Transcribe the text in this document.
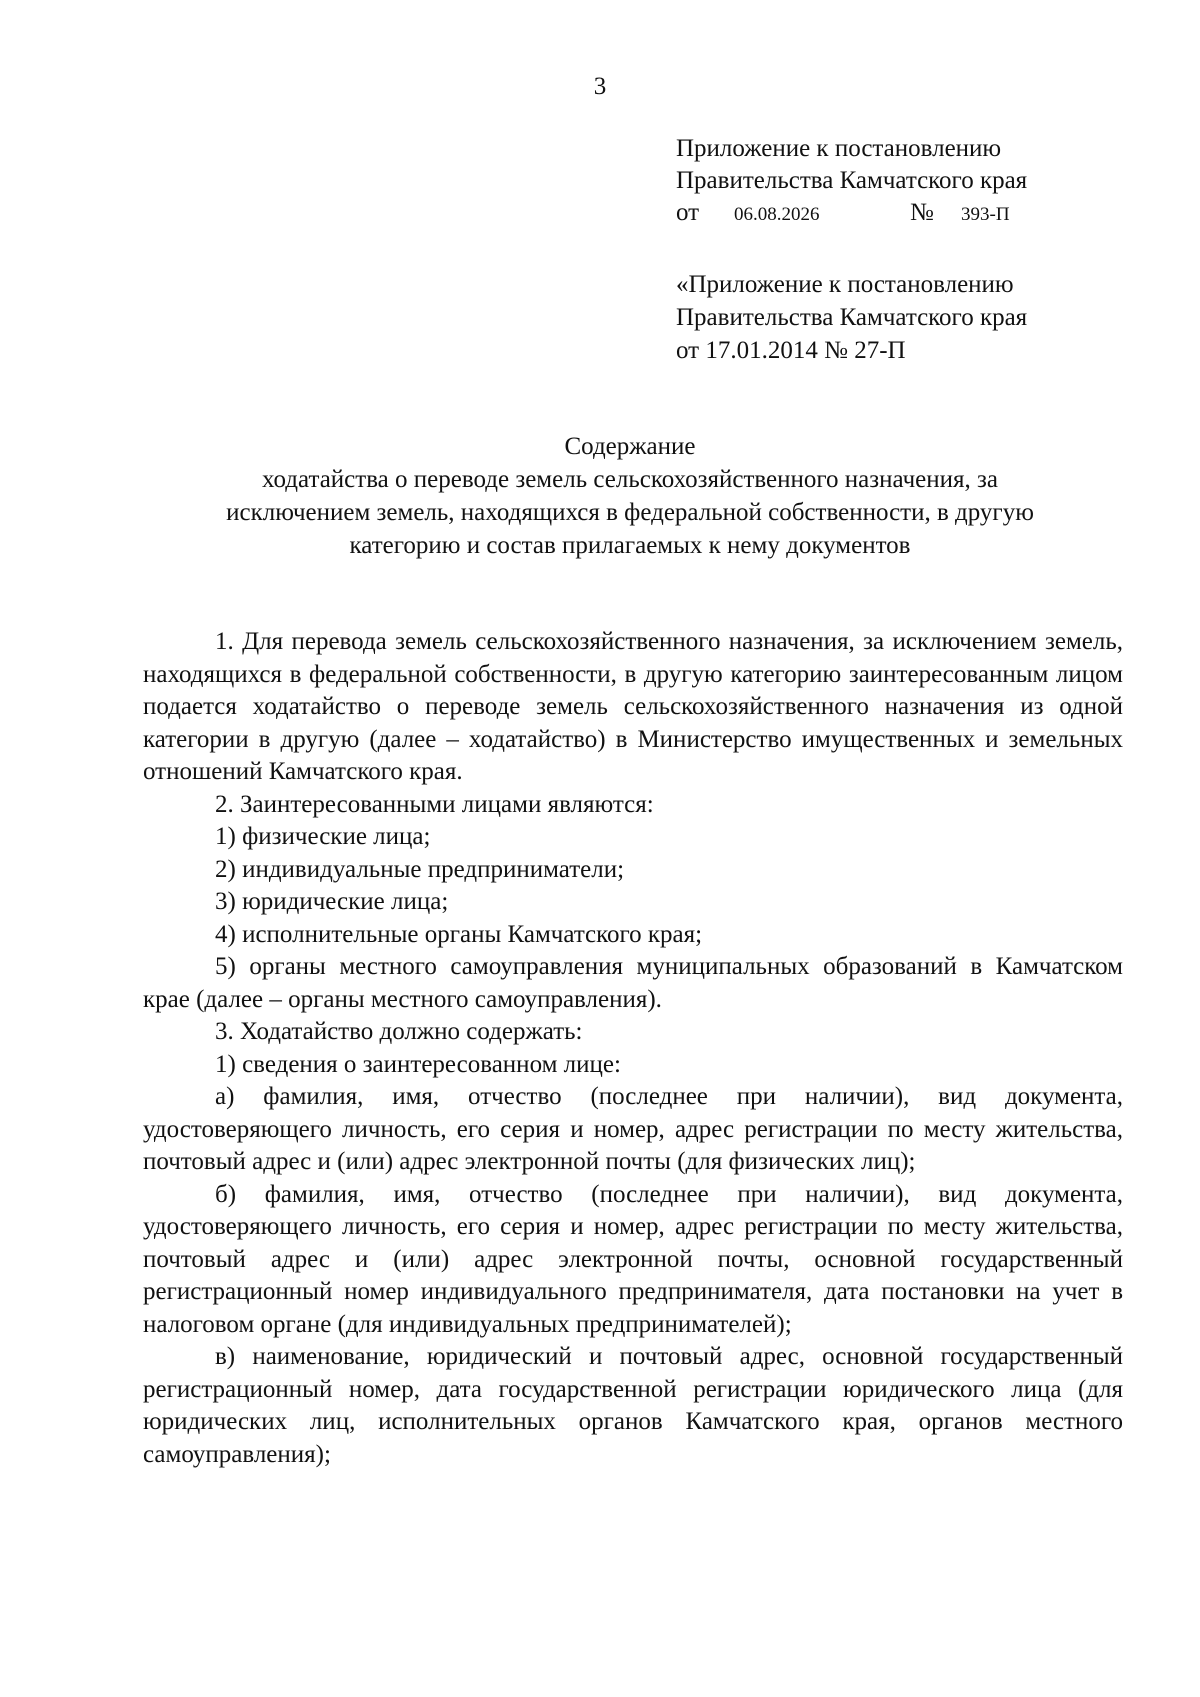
3
Приложение к постановлению
Правительства Камчатского края
от	06.08.2026	№	393-П
«Приложение к постановлению
Правительства Камчатского края
от 17.01.2014 № 27-П
Содержание
ходатайства о переводе земель сельскохозяйственного назначения, за
исключением земель, находящихся в федеральной собственности, в другую
категорию и состав прилагаемых к нему документов

1. Для перевода земель сельскохозяйственного назначения, за исключением земель, находящихся в федеральной собственности, в другую категорию заинтересованным лицом подается ходатайство о переводе земель сельскохозяйственного назначения из одной категории в другую (далее – ходатайство) в Министерство имущественных и земельных отношений Камчатского края.

2. Заинтересованными лицами являются:

1) физические лица;

2) индивидуальные предприниматели;

3) юридические лица;

4) исполнительные органы Камчатского края;

5) органы местного самоуправления муниципальных образований в Камчатском крае (далее – органы местного самоуправления).

3. Ходатайство должно содержать:

1) сведения о заинтересованном лице:

а) фамилия, имя, отчество (последнее при наличии), вид документа, удостоверяющего личность, его серия и номер, адрес регистрации по месту жительства, почтовый адрес и (или) адрес электронной почты (для физических лиц);

б) фамилия, имя, отчество (последнее при наличии), вид документа, удостоверяющего личность, его серия и номер, адрес регистрации по месту жительства, почтовый адрес и (или) адрес электронной почты, основной государственный регистрационный номер индивидуального предпринимателя, дата постановки на учет в налоговом органе (для индивидуальных предпринимателей);

в) наименование, юридический и почтовый адрес, основной государственный регистрационный номер, дата государственной регистрации юридического лица (для юридических лиц, исполнительных органов Камчатского края, органов местного самоуправления);
